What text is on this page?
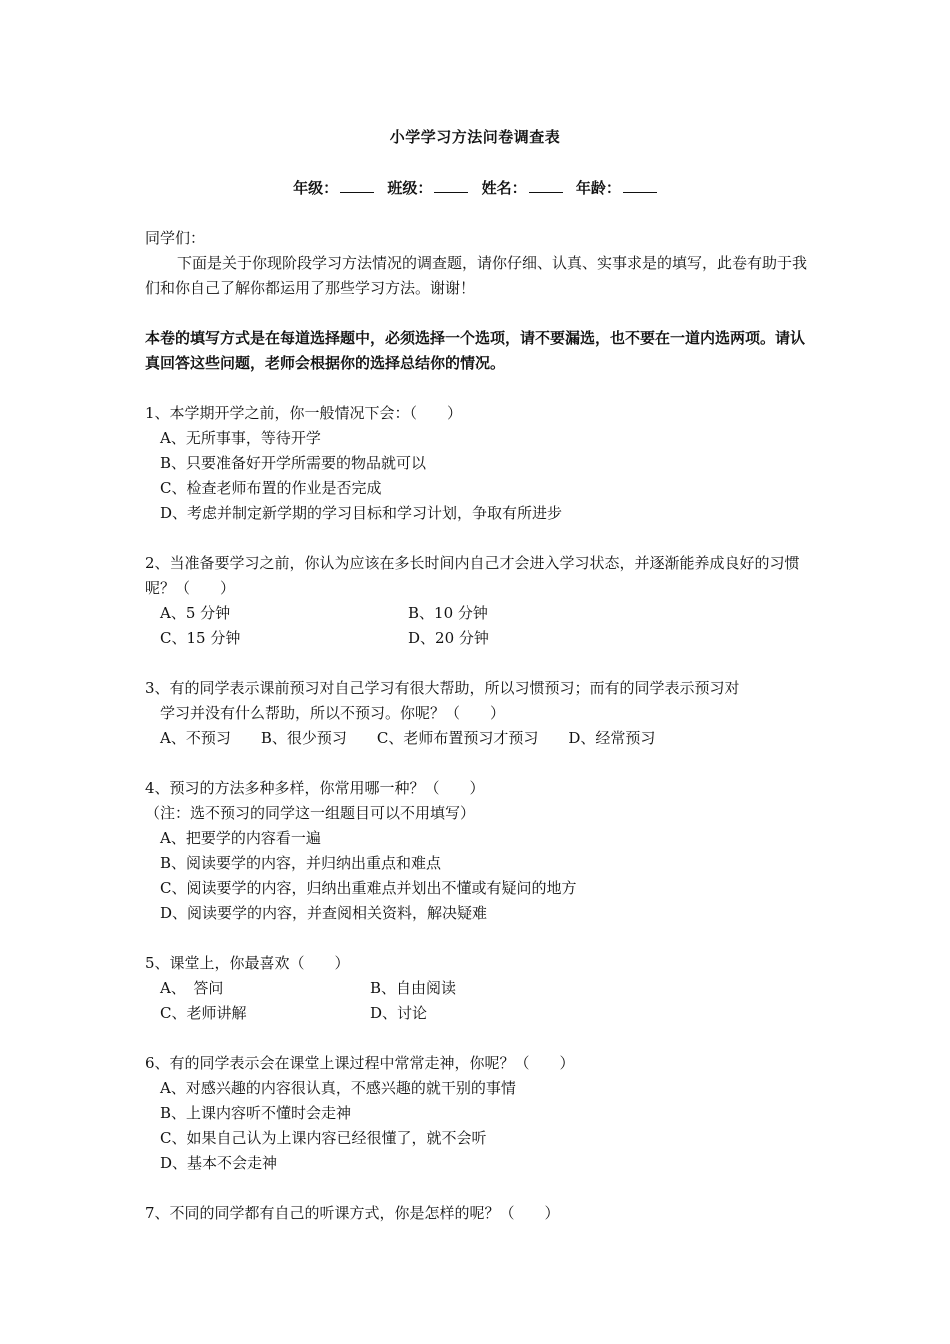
小学学习方法问卷调查表
年级：	班级：	姓名：	年龄：

同学们：

下面是关于你现阶段学习方法情况的调查题，请你仔细、认真、实事求是的填写，此卷有助于我们和你自己了解你都运用了那些学习方法。谢谢！

本卷的填写方式是在每道选择题中，必须选择一个选项，请不要漏选，也不要在一道内选两项。请认真回答这些问题，老师会根据你的选择总结你的情况。

1、本学期开学之前，你一般情况下会：（　　）

A、无所事事，等待开学

B、只要准备好开学所需要的物品就可以

C、检查老师布置的作业是否完成

D、考虑并制定新学期的学习目标和学习计划，争取有所进步

2、当准备要学习之前，你认为应该在多长时间内自己才会进入学习状态，并逐渐能养成良好的习惯呢？（　　）

A、5 分钟	B、10 分钟
C、15 分钟	D、20 分钟

3、有的同学表示课前预习对自己学习有很大帮助，所以习惯预习；而有的同学表示预习对

学习并没有什么帮助，所以不预习。你呢？（　　）

A、不预习 B、很少预习 C、老师布置预习才预习 D、经常预习

4、预习的方法多种多样，你常用哪一种？（　　）

（注：选不预习的同学这一组题目可以不用填写）

A、把要学的内容看一遍

B、阅读要学的内容，并归纳出重点和难点

C、阅读要学的内容，归纳出重难点并划出不懂或有疑问的地方

D、阅读要学的内容，并查阅相关资料，解决疑难

5、课堂上，你最喜欢（　　）

A、　答问	B、自由阅读
C、老师讲解	D、讨论

6、有的同学表示会在课堂上课过程中常常走神，你呢？（　　）

A、对感兴趣的内容很认真，不感兴趣的就干别的事情

B、上课内容听不懂时会走神

C、如果自己认为上课内容已经很懂了，就不会听

D、基本不会走神

7、不同的同学都有自己的听课方式，你是怎样的呢？（　　）
